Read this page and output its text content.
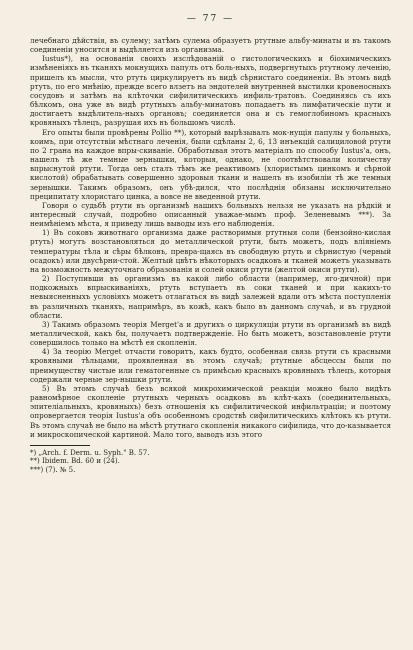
— 77 —

лечебнаго дѣйствія, въ сулему; затѣмъ сулема образуетъ ртутные альбу-минаты и въ такомъ соединеніи уносится и выдѣляется изъ организма.

Iustus*), на основаніи своихъ изслѣдованій о гистологическихъ и біохимическихъ измѣненіяхъ въ тканяхъ мокнущихъ папулъ отъ боль-ныхъ, подвергнутыхъ ртутному леченію, пришелъ къ мысли, что ртуть циркулируетъ въ видѣ сѣрнистаго соединенія. Въ этомъ видѣ ртуть, по его мнѣнію, прежде всего влзетъ на эндотелей внутренней выстилки кровеносныхъ сосудовъ и затѣмъ на клѣточки сифилитическихъ инфиль-тратовъ. Соединяясь съ ихъ бѣлкомъ, она уже въ видѣ ртутныхъ альбу-минатовъ попадаетъ въ лимфатическіе пути и достигаетъ выдѣлитель-ныхъ органовъ; соединяется она и съ гемоглобиномъ красныхъ кровяныхъ тѣлецъ, разрушая ихъ въ большомъ числѣ.

Его опыты были провѣрены Pollio **), который вырѣзывалъ мок-нущія папулы у больныхъ, коимъ, при отсутствіи мѣстнаго леченія, были сдѣланы 2, 6, 13 инъекцій салициловой ртути по 2 грана на каждое впры-скиваніе. Обработывая этотъ матеріалъ по способу Iustus'а, онъ, нашелъ тѣ же темные зернышки, которыя, однако, не соотвѣтствовали количеству впрыснутой ртути. Тогда онъ сталъ тѣмъ же реактивомъ (хлористымъ цинкомъ и сѣрной кислотой) обрабатывать совершенно здоровыя ткани и нашелъ въ изобиліи тѣ же темныя зернышки. Такимъ образомъ, онъ убѣ-дился, что послѣднія обязаны исключительно преципитату хлористаго цинка, а вовсе не введенной ртути.

Говоря о судьбѣ ртути въ организмѣ нашихъ больныхъ нельзя не указать на рѣдкій и интересный случай, подробно описанный уважае-мымъ проф. Зеленевымъ ***). За неимѣніемъ мѣста, я приведу лишь выводы изъ его наблюденія.

1) Въ соковъ животнаго организма даже растворимыя ртутныя соли (бензойно-кислая ртуть) могутъ возстановляться до металлической ртути, быть можетъ, подъ вліяніемъ температуры тѣла и сѣры бѣлковъ, превра-щаясь въ свободную ртуть и сѣрнистую (черный осадокъ) или двусѣрни-стой. Желтый цвѣтъ нѣкоторыхъ осадковъ и тканей можетъ указывать на возможность межуточнаго образованія и солей окиси ртути (желтой окиси ртути).

2) Поступивши въ организмъ въ какой либо области (например, яго-дичной) при подкожныхъ впрыскиваніяхъ, ртуть вступаетъ въ соки тканей и при какихъ-то невыясненныхъ условіяхъ можетъ отлагаться въ видѣ залежей вдали отъ мѣста поступленія въ различныхъ тканяхъ, напримѣръ, въ кожѣ, какъ было въ данномъ случаѣ, и въ грудной области.

3) Такимъ образомъ теорія Merget'а и другихъ о циркуляціи ртути въ организмѣ въ видѣ металлической, какъ бы, получаетъ подтвержденіе. Но быть можетъ, возстановленіе ртути совершилось только на мѣстѣ ея скопленія.

4) За теорію Merget отчасти говоритъ, какъ будто, особенная связь ртути съ красными кровяными тѣльцами, проявленная въ этомъ случаѣ; ртутные абсцессы были по преимуществу чистые или гематогенные съ примѣсью красныхъ кровяныхъ тѣлецъ, которыя содержали черные зер-нышки ртути.

5) Въ этомъ случаѣ безъ всякой микрохимической реакціи можно было видѣть равномѣрное скопленіе ртутныхъ черныхъ осадковъ въ клѣт-кахъ (соединительныхъ, эпителіальныхъ, кровяныхъ) безъ отношенія къ сифилитической инфильтраціи; и поэтому опровергается теорія Iustus'а объ особенномъ сродствѣ сифилитическихъ клѣтокъ къ ртути. Въ этомъ случаѣ не было на мѣстѣ ртутнаго скопленія никакого сифилида, что до-казывается и микроскопической картиной. Мало того, выводъ изъ этого

*) „Arch. f. Derm. u. Syph." B. 57.

**) Ibidem. Bd. 60 и (24).

***) (7). № 5.
